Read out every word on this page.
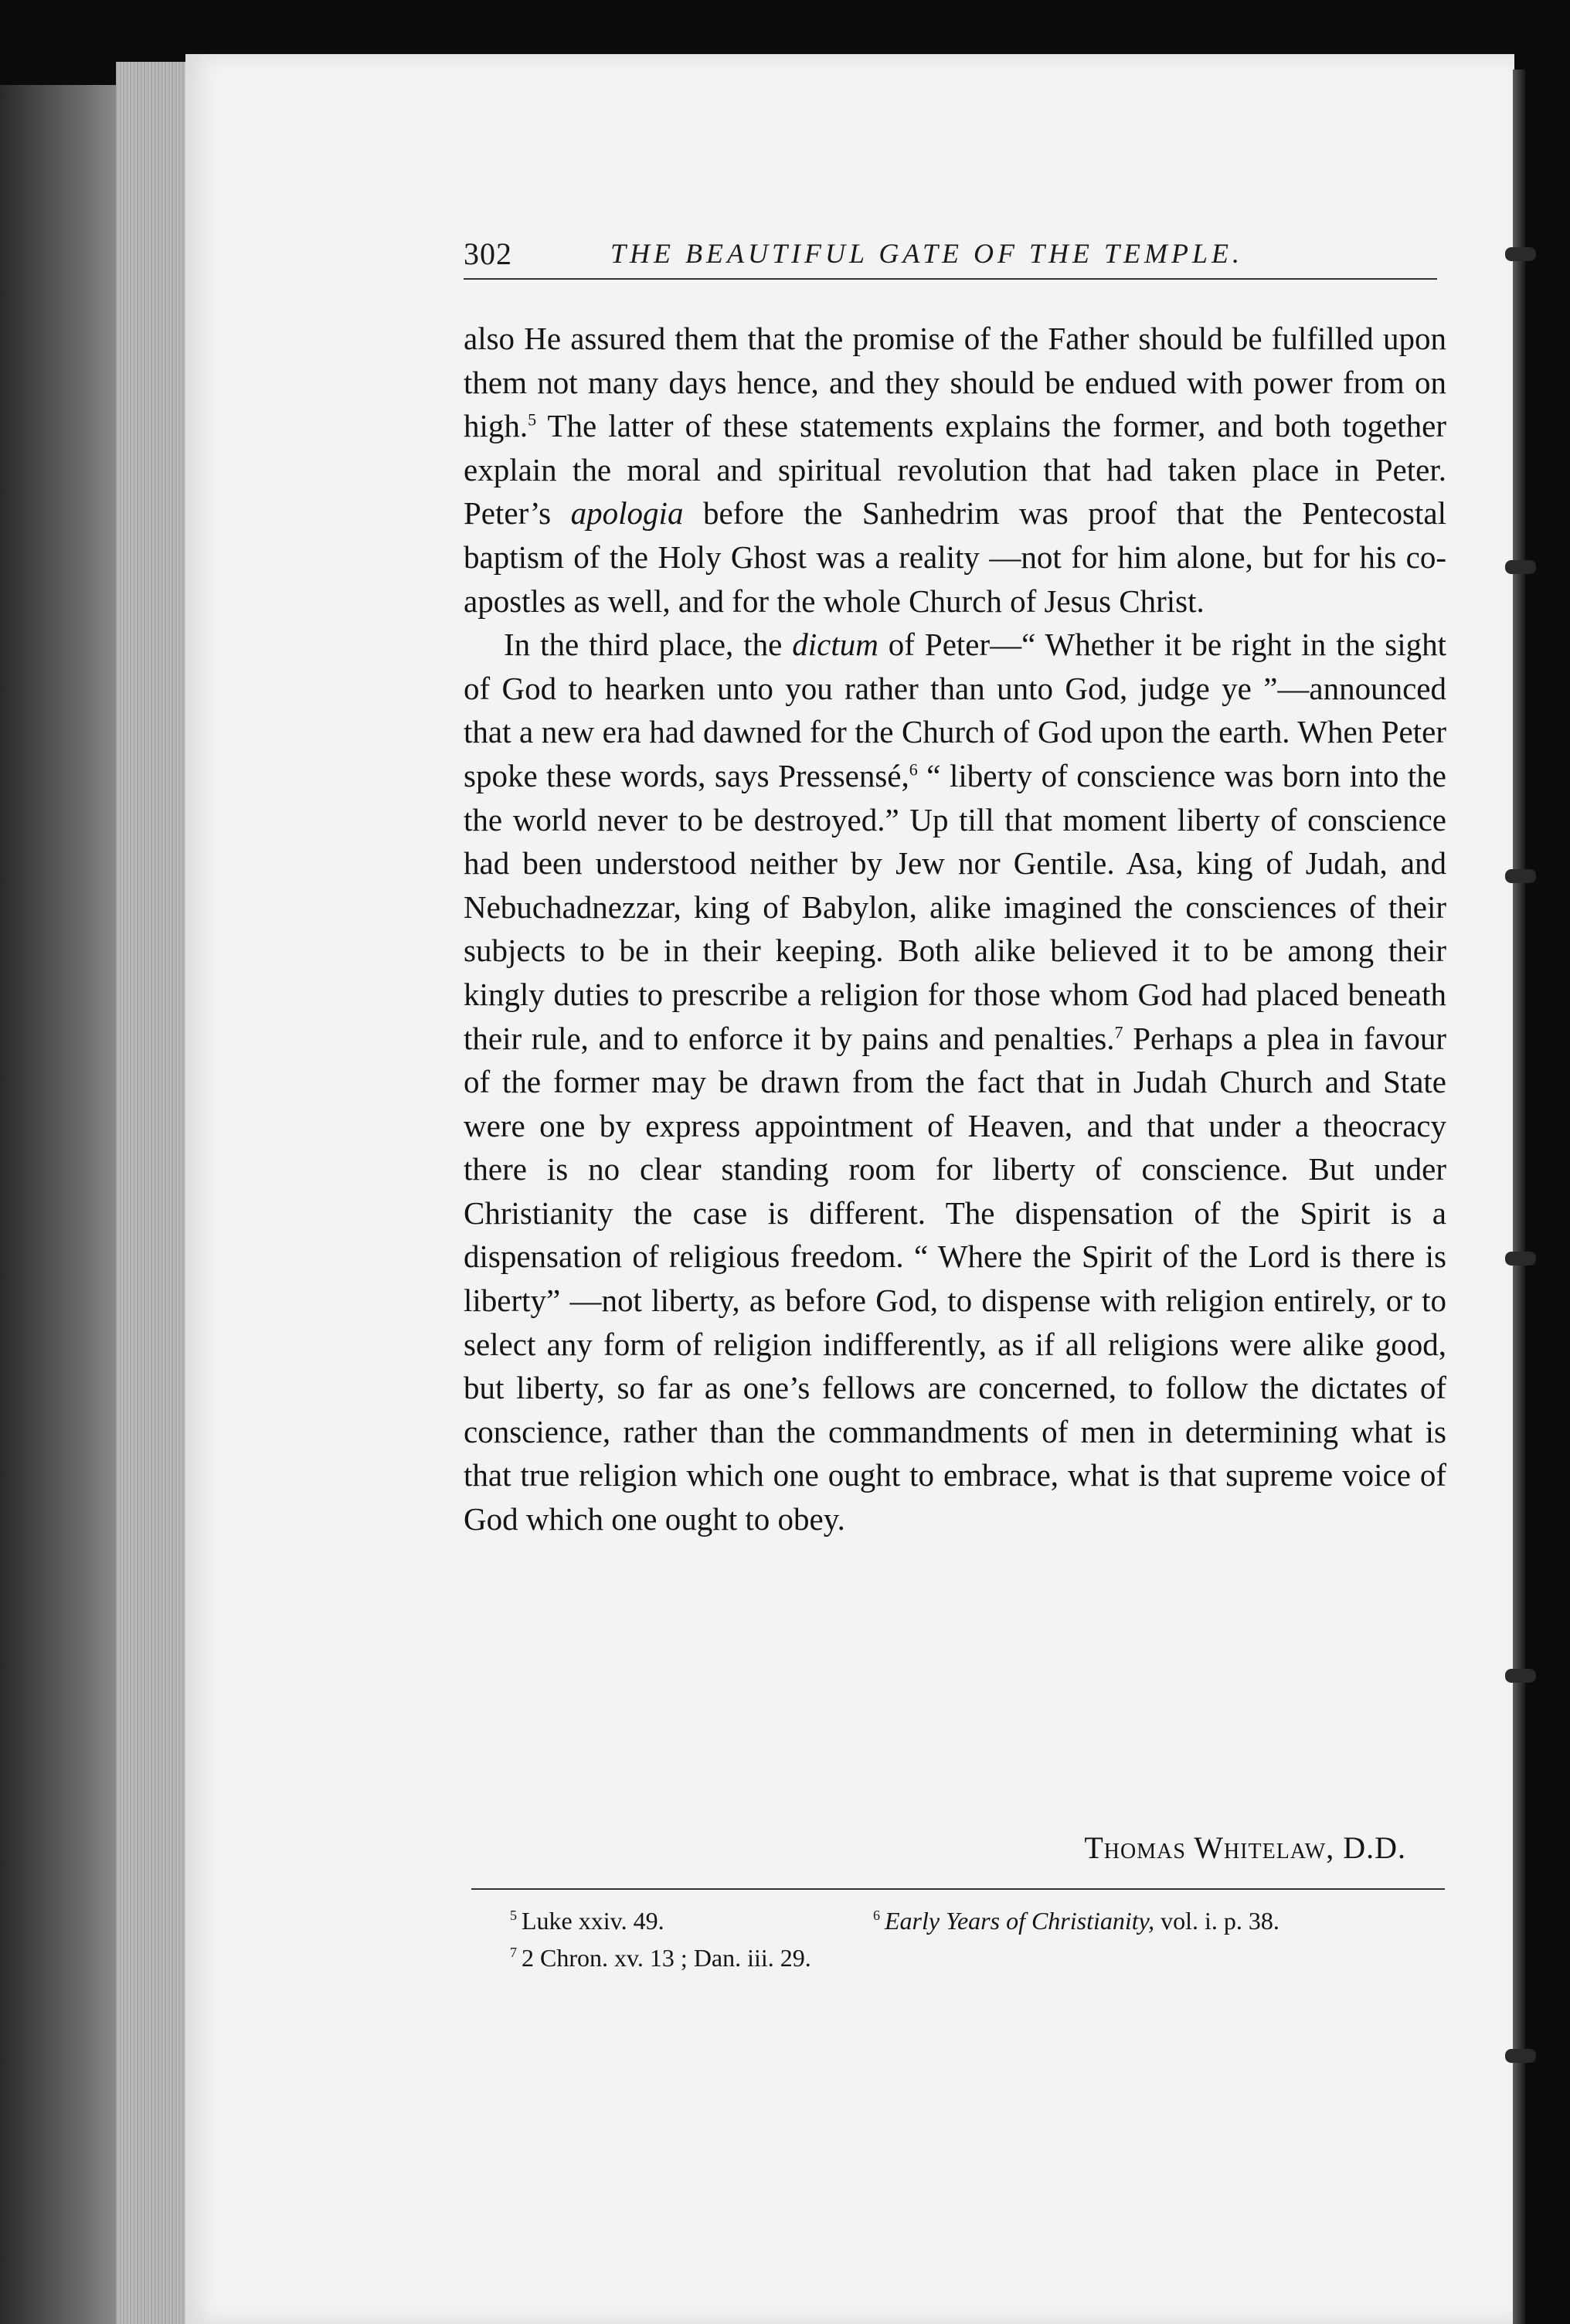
302	THE BEAUTIFUL GATE OF THE TEMPLE.

also He assured them that the promise of the Father should be fulfilled upon them not many days hence, and they should be endued with power from on high.$^5$ The latter of these statements explains the former, and both together explain the moral and spiritual revolution that had taken place in Peter. Peter’s apologia before the Sanhedrim was proof that the Pentecostal baptism of the Holy Ghost was a reality —not for him alone, but for his co-apostles as well, and for the whole Church of Jesus Christ.

In the third place, the dictum of Peter—“ Whether it be right in the sight of God to hearken unto you rather than unto God, judge ye ”—announced that a new era had dawned for the Church of God upon the earth. When Peter spoke these words, says Pressensé,$^6$ “ liberty of conscience was born into the the world never to be destroyed.” Up till that moment liberty of conscience had been understood neither by Jew nor Gentile. Asa, king of Judah, and Nebuchadnezzar, king of Babylon, alike imagined the consciences of their subjects to be in their keeping. Both alike believed it to be among their kingly duties to prescribe a religion for those whom God had placed beneath their rule, and to enforce it by pains and penalties.$^7$ Perhaps a plea in favour of the former may be drawn from the fact that in Judah Church and State were one by express appointment of Heaven, and that under a theocracy there is no clear standing room for liberty of conscience. But under Christianity the case is different. The dispensation of the Spirit is a dispensation of religious freedom. “ Where the Spirit of the Lord is there is liberty” —not liberty, as before God, to dispense with religion entirely, or to select any form of religion indifferently, as if all religions were alike good, but liberty, so far as one’s fellows are concerned, to follow the dictates of conscience, rather than the commandments of men in determining what is that true religion which one ought to embrace, what is that supreme voice of God which one ought to obey.

Thomas Whitelaw, D.D.
$^5$ Luke xxiv. 49.	$^6$ Early Years of Christianity, vol. i. p. 38.
$^7$ 2 Chron. xv. 13 ; Dan. iii. 29.
